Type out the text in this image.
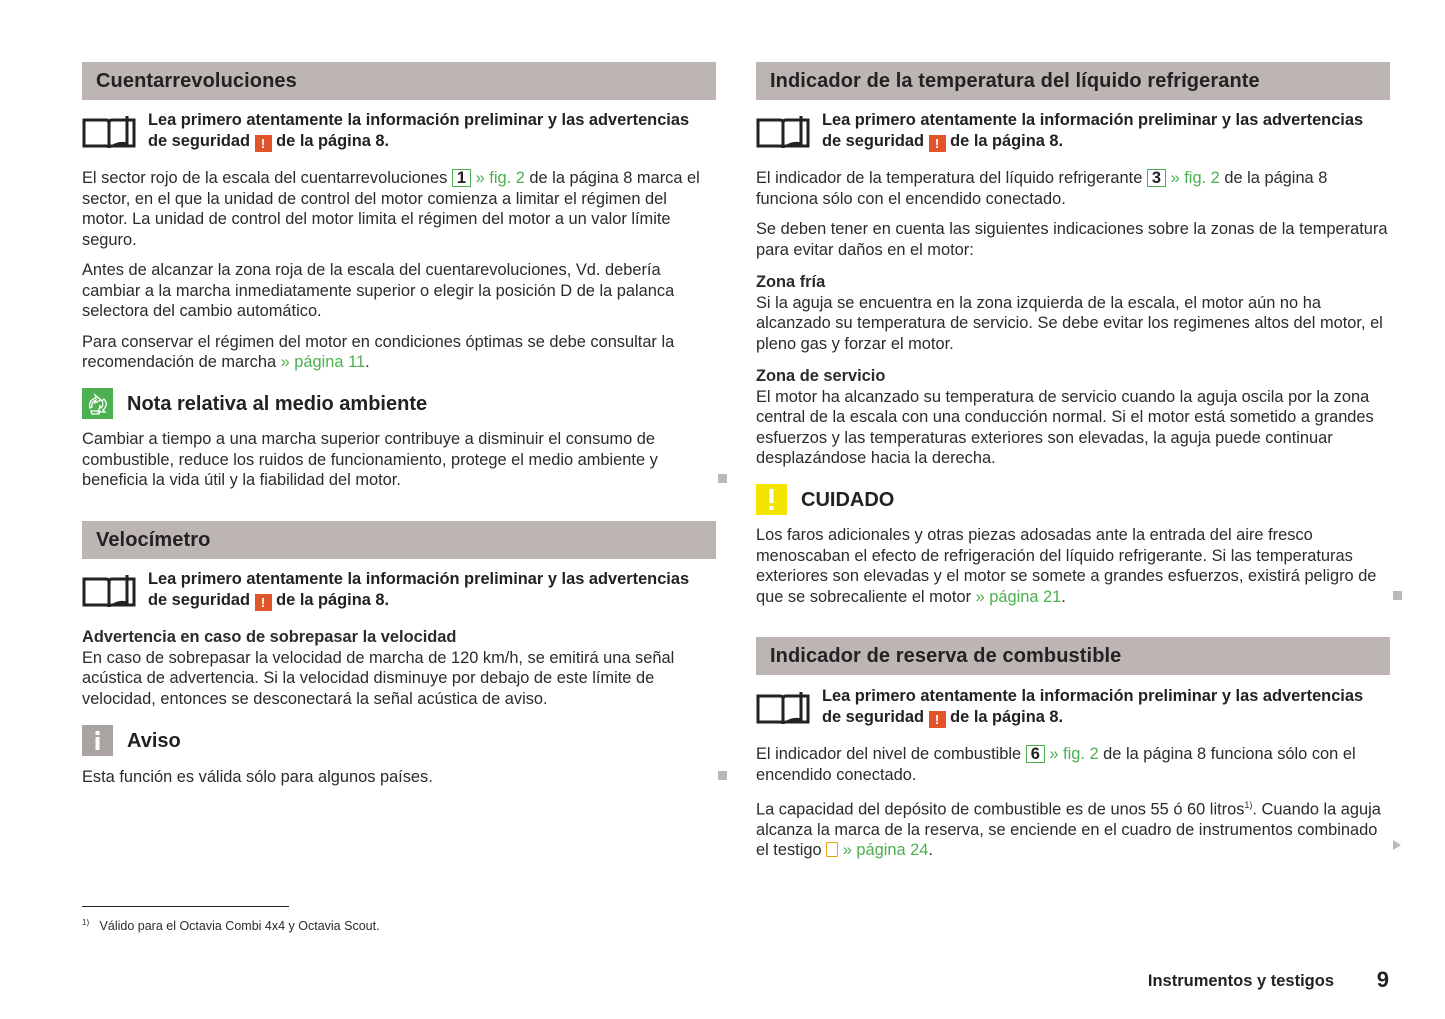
Cuentarrevoluciones
Lea primero atentamente la información preliminar y las advertencias
de seguridad ! de la página 8.

El sector rojo de la escala del cuentarrevoluciones 1 » fig. 2 de la página 8 marca el sector, en el que la unidad de control del motor comienza a limitar el régimen del motor. La unidad de control del motor limita el régimen del motor a un valor límite seguro.

Antes de alcanzar la zona roja de la escala del cuentarevoluciones, Vd. debería cambiar a la marcha inmediatamente superior o elegir la posición D de la palanca selectora del cambio automático.

Para conservar el régimen del motor en condiciones óptimas se debe consultar la recomendación de marcha » página 11.

Nota relativa al medio ambiente
Cambiar a tiempo a una marcha superior contribuye a disminuir el consumo de combustible, reduce los ruidos de funcionamiento, protege el medio ambiente y beneficia la vida útil y la fiabilidad del motor.
Velocímetro
Lea primero atentamente la información preliminar y las advertencias
de seguridad ! de la página 8.

Advertencia en caso de sobrepasar la velocidad

En caso de sobrepasar la velocidad de marcha de 120 km/h, se emitirá una señal acústica de advertencia. Si la velocidad disminuye por debajo de este límite de velocidad, entonces se desconectará la señal acústica de aviso.

Aviso
Esta función es válida sólo para algunos países.
Indicador de la temperatura del líquido refrigerante
Lea primero atentamente la información preliminar y las advertencias
de seguridad ! de la página 8.

El indicador de la temperatura del líquido refrigerante 3 » fig. 2 de la página 8 funciona sólo con el encendido conectado.

Se deben tener en cuenta las siguientes indicaciones sobre la zonas de la temperatura para evitar daños en el motor:

Zona fría

Si la aguja se encuentra en la zona izquierda de la escala, el motor aún no ha alcanzado su temperatura de servicio. Se debe evitar los regimenes altos del motor, el pleno gas y forzar el motor.

Zona de servicio

El motor ha alcanzado su temperatura de servicio cuando la aguja oscila por la zona central de la escala con una conducción normal. Si el motor está sometido a grandes esfuerzos y las temperaturas exteriores son elevadas, la aguja puede continuar desplazándose hacia la derecha.

CUIDADO
Los faros adicionales y otras piezas adosadas ante la entrada del aire fresco menoscaban el efecto de refrigeración del líquido refrigerante. Si las temperaturas exteriores son elevadas y el motor se somete a grandes esfuerzos, existirá peligro de que se sobrecaliente el motor » página 21.
Indicador de reserva de combustible
Lea primero atentamente la información preliminar y las advertencias
de seguridad ! de la página 8.

El indicador del nivel de combustible 6 » fig. 2 de la página 8 funciona sólo con el encendido conectado.

La capacidad del depósito de combustible es de unos 55 ó 60 litros$^{1)}$. Cuando la aguja alcanza la marca de la reserva, se enciende en el cuadro de instrumentos combinado el testigo » página 24.

$^{1)}$ Válido para el Octavia Combi 4x4 y Octavia Scout.
Instrumentos y testigos	9
